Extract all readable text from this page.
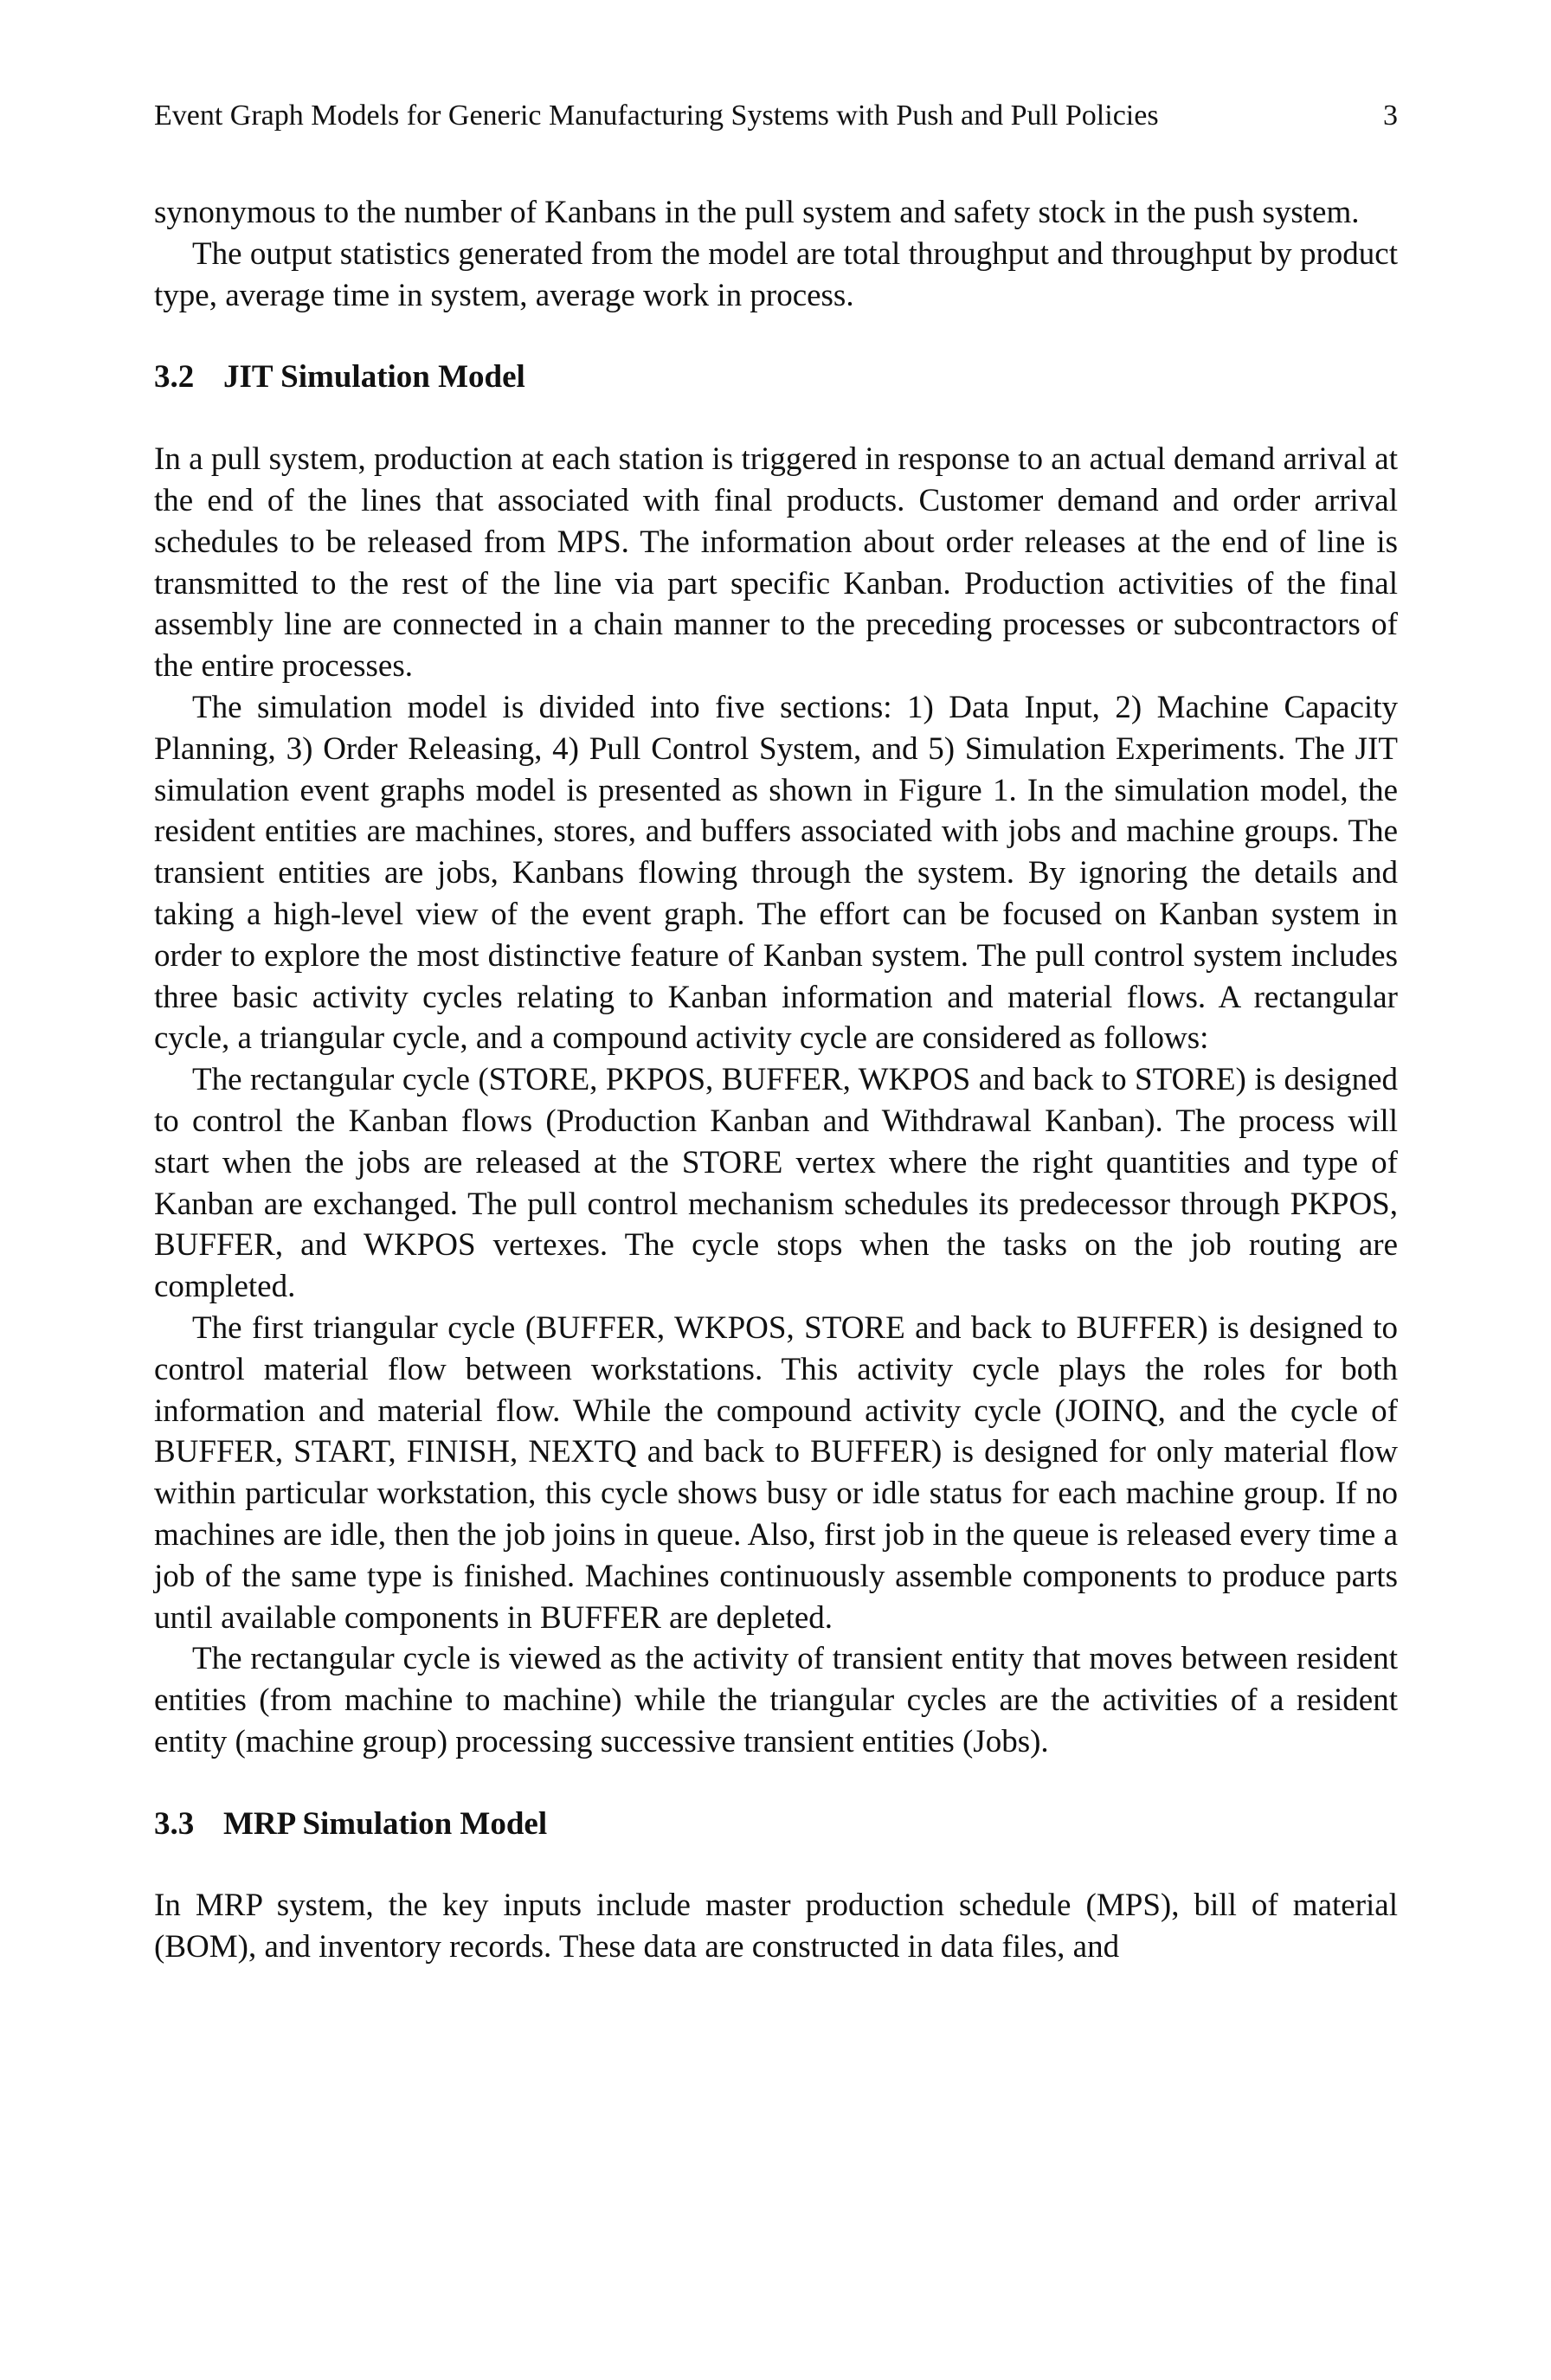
Event Graph Models for Generic Manufacturing Systems with Push and Pull Policies	3

synonymous to the number of Kanbans in the pull system and safety stock in the push system.

The output statistics generated from the model are total throughput and throughput by product type, average time in system, average work in process.

3.2 JIT Simulation Model

In a pull system, production at each station is triggered in response to an actual demand arrival at the end of the lines that associated with final products. Customer demand and order arrival schedules to be released from MPS. The information about order releases at the end of line is transmitted to the rest of the line via part specific Kanban. Production activities of the final assembly line are connected in a chain manner to the preceding processes or subcontractors of the entire processes.

The simulation model is divided into five sections: 1) Data Input, 2) Machine Capacity Planning, 3) Order Releasing, 4) Pull Control System, and 5) Simulation Experiments. The JIT simulation event graphs model is presented as shown in Figure 1. In the simulation model, the resident entities are machines, stores, and buffers associated with jobs and machine groups. The transient entities are jobs, Kanbans flowing through the system. By ignoring the details and taking a high-level view of the event graph. The effort can be focused on Kanban system in order to explore the most distinctive feature of Kanban system. The pull control system includes three basic activity cycles relating to Kanban information and material flows. A rectangular cycle, a triangular cycle, and a compound activity cycle are considered as follows:

The rectangular cycle (STORE, PKPOS, BUFFER, WKPOS and back to STORE) is designed to control the Kanban flows (Production Kanban and Withdrawal Kanban). The process will start when the jobs are released at the STORE vertex where the right quantities and type of Kanban are exchanged. The pull control mechanism schedules its predecessor through PKPOS, BUFFER, and WKPOS vertexes. The cycle stops when the tasks on the job routing are completed.

The first triangular cycle (BUFFER, WKPOS, STORE and back to BUFFER) is designed to control material flow between workstations. This activity cycle plays the roles for both information and material flow. While the compound activity cycle (JOINQ, and the cycle of BUFFER, START, FINISH, NEXTQ and back to BUFFER) is designed for only material flow within particular workstation, this cycle shows busy or idle status for each machine group. If no machines are idle, then the job joins in queue. Also, first job in the queue is released every time a job of the same type is finished. Machines continuously assemble components to produce parts until available components in BUFFER are depleted.

The rectangular cycle is viewed as the activity of transient entity that moves between resident entities (from machine to machine) while the triangular cycles are the activities of a resident entity (machine group) processing successive transient entities (Jobs).

3.3 MRP Simulation Model

In MRP system, the key inputs include master production schedule (MPS), bill of material (BOM), and inventory records. These data are constructed in data files, and
